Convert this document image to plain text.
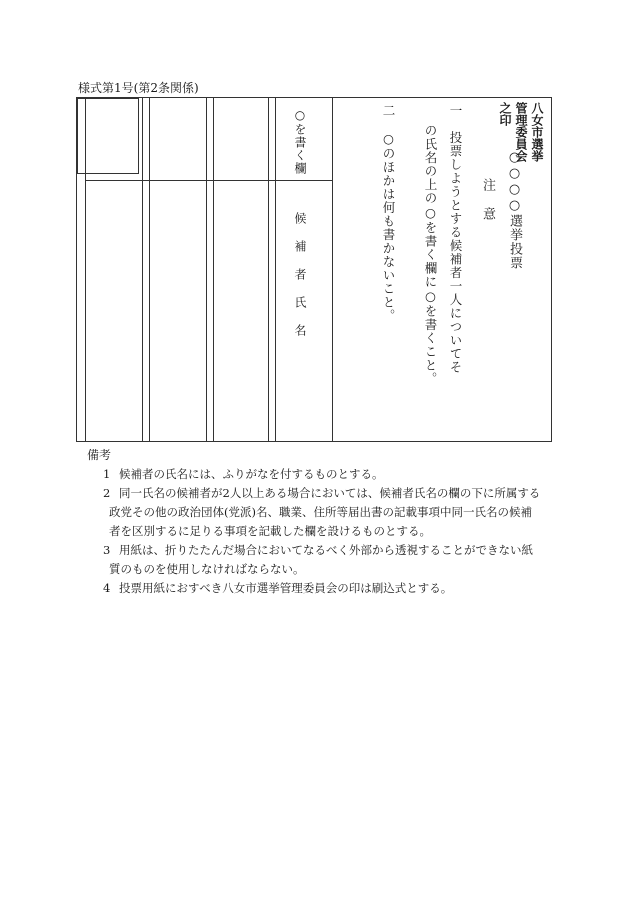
様式第1号(第2条関係)
○を書く欄
候補者氏名
○○○○選挙投票
注意
一　投票しようとする候補者一人についてそ
の氏名の上の○を書く欄に○を書くこと。
二　○のほかは何も書かないこと。	八女市選挙管理委員会之印
備考
1 候補者の氏名には、ふりがなを付するものとする。
2 同一氏名の候補者が2人以上ある場合においては、候補者氏名の欄の下に所属する
政党その他の政治団体(党派)名、職業、住所等届出書の記載事項中同一氏名の候補
者を区別するに足りる事項を記載した欄を設けるものとする。
3 用紙は、折りたたんだ場合においてなるべく外部から透視することができない紙
質のものを使用しなければならない。
4 投票用紙におすべき八女市選挙管理委員会の印は刷込式とする。
